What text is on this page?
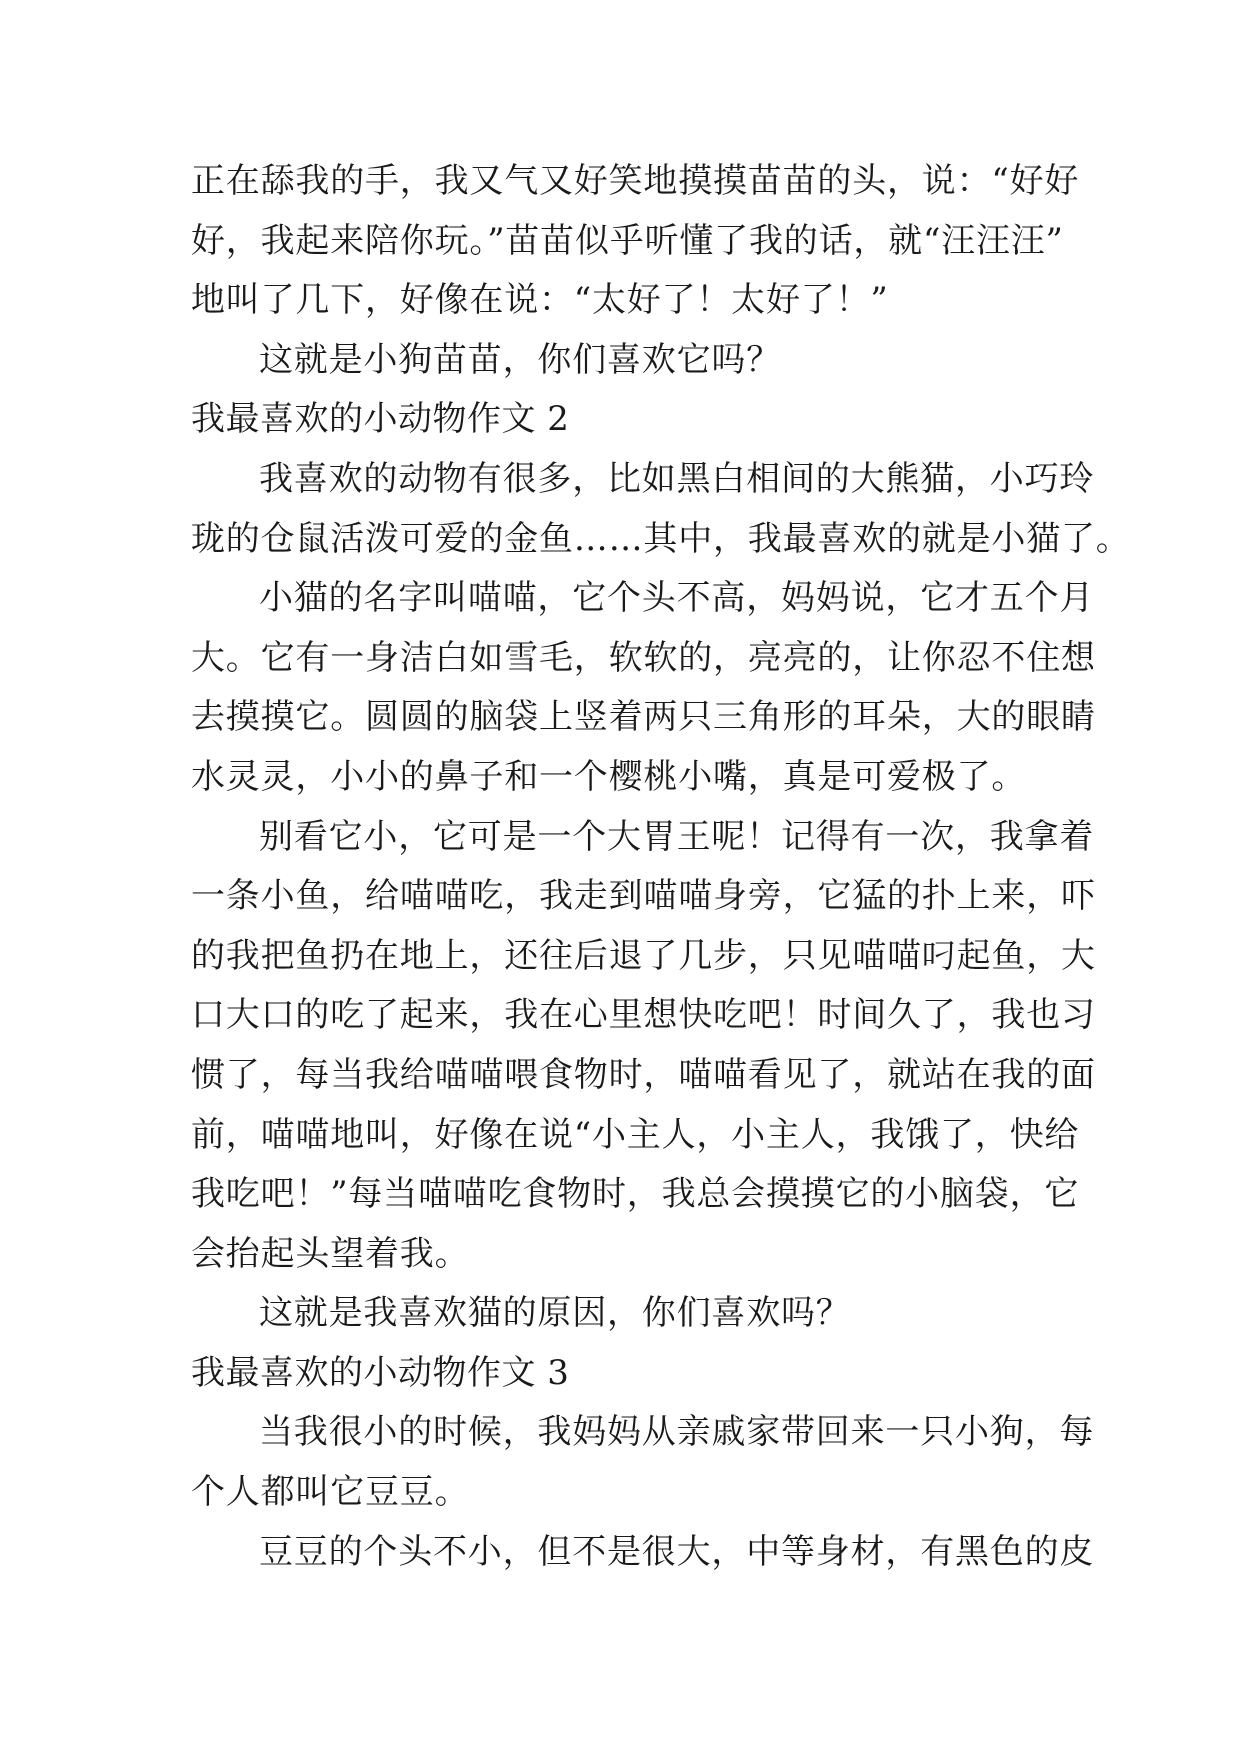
正在舔我的手，我又气又好笑地摸摸苗苗的头，说：“好好
好，我起来陪你玩。”苗苗似乎听懂了我的话，就“汪汪汪”
地叫了几下，好像在说：“太好了！太好了！”
这就是小狗苗苗，你们喜欢它吗？
我最喜欢的小动物作文 2
我喜欢的动物有很多，比如黑白相间的大熊猫，小巧玲
珑的仓鼠活泼可爱的金鱼……其中，我最喜欢的就是小猫了。
小猫的名字叫喵喵，它个头不高，妈妈说，它才五个月
大。它有一身洁白如雪毛，软软的，亮亮的，让你忍不住想
去摸摸它。圆圆的脑袋上竖着两只三角形的耳朵，大的眼睛
水灵灵，小小的鼻子和一个樱桃小嘴，真是可爱极了。
别看它小，它可是一个大胃王呢！记得有一次，我拿着
一条小鱼，给喵喵吃，我走到喵喵身旁，它猛的扑上来，吓
的我把鱼扔在地上，还往后退了几步，只见喵喵叼起鱼，大
口大口的吃了起来，我在心里想快吃吧！时间久了，我也习
惯了，每当我给喵喵喂食物时，喵喵看见了，就站在我的面
前，喵喵地叫，好像在说“小主人，小主人，我饿了，快给
我吃吧！”每当喵喵吃食物时，我总会摸摸它的小脑袋，它
会抬起头望着我。
这就是我喜欢猫的原因，你们喜欢吗？
我最喜欢的小动物作文 3
当我很小的时候，我妈妈从亲戚家带回来一只小狗，每
个人都叫它豆豆。
豆豆的个头不小，但不是很大，中等身材，有黑色的皮
